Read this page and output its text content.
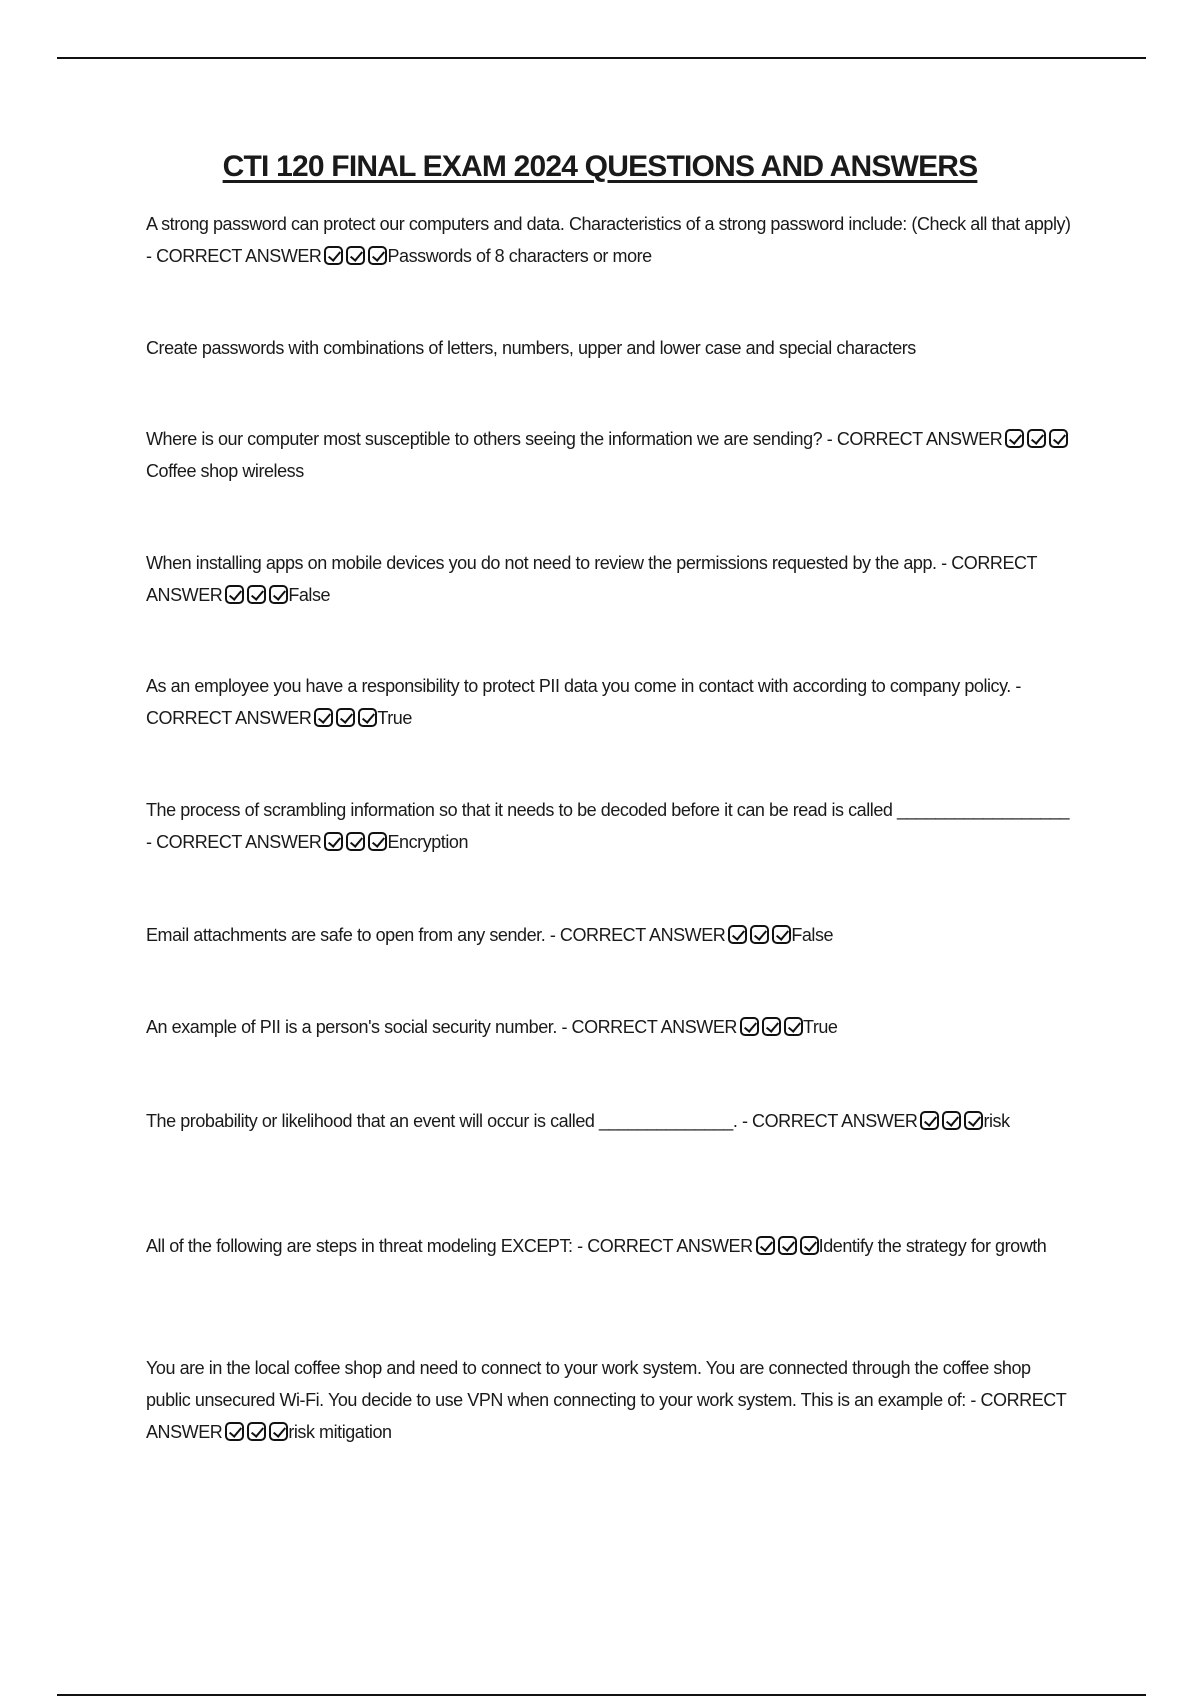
CTI 120 FINAL EXAM 2024 QUESTIONS AND ANSWERS
A strong password can protect our computers and data. Characteristics of a strong password include: (Check all that apply) - CORRECT ANSWER	Passwords of 8 characters or more
Create passwords with combinations of letters, numbers, upper and lower case and special characters
Where is our computer most susceptible to others seeing the information we are sending? - CORRECT ANSWERCoffee shop wireless
When installing apps on mobile devices you do not need to review the permissions requested by the app. - CORRECT ANSWER	False
As an employee you have a responsibility to protect PII data you come in contact with according to company policy. - CORRECT ANSWER	True
The process of scrambling information so that it needs to be decoded before it can be read is called __________________ - CORRECT ANSWER	Encryption
Email attachments are safe to open from any sender. - CORRECT ANSWER	False
An example of PII is a person's social security number. - CORRECT ANSWER	True
The probability or likelihood that an event will occur is called ______________. - CORRECT ANSWER	risk
All of the following are steps in threat modeling EXCEPT: - CORRECT ANSWER	Identify the strategy for growth
You are in the local coffee shop and need to connect to your work system. You are connected through the coffee shop public unsecured Wi-Fi. You decide to use VPN when connecting to your work system. This is an example of: - CORRECT ANSWER	risk mitigation
